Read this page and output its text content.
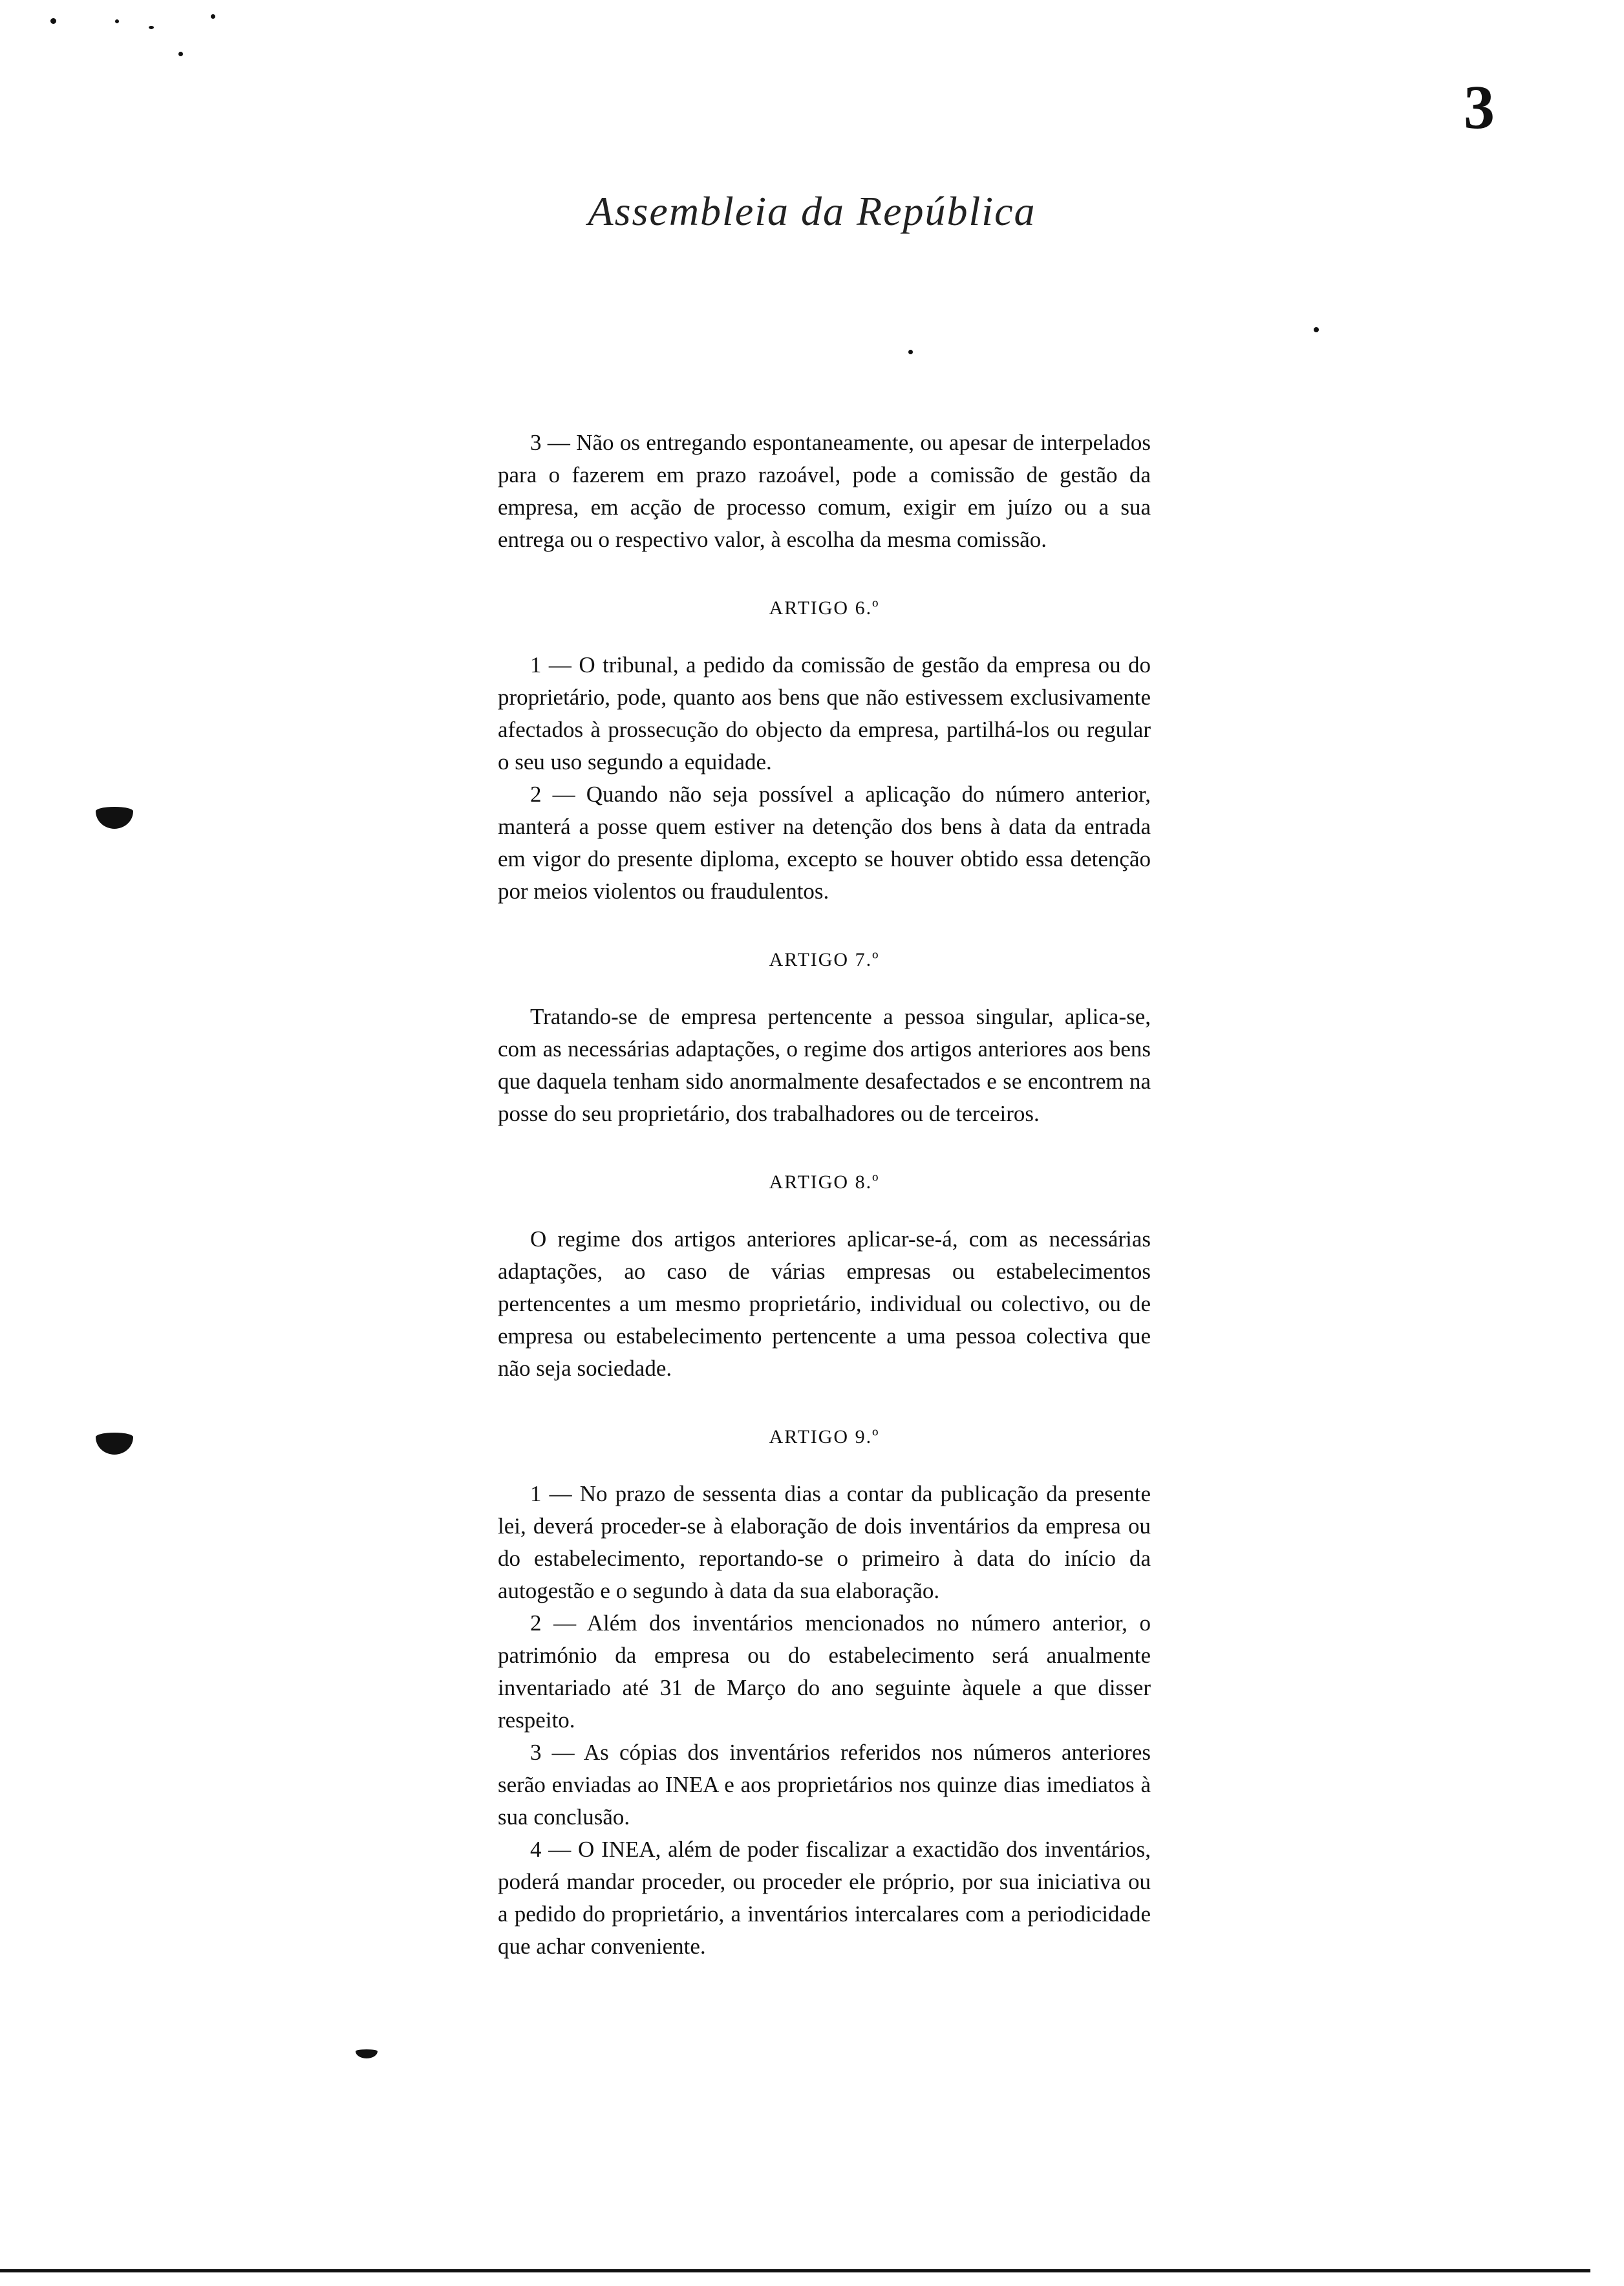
3
Assembleia da República

3 — Não os entregando espontaneamente, ou apesar de interpelados para o fazerem em prazo razoável, pode a comissão de gestão da empresa, em acção de processo comum, exigir em juízo ou a sua entrega ou o respectivo valor, à escolha da mesma comissão.

ARTIGO 6.º

1 — O tribunal, a pedido da comissão de gestão da empresa ou do proprietário, pode, quanto aos bens que não estivessem exclusivamente afectados à prossecução do objecto da empresa, partilhá-los ou regular o seu uso segundo a equidade.

2 — Quando não seja possível a aplicação do número anterior, manterá a posse quem estiver na detenção dos bens à data da entrada em vigor do presente diploma, excepto se houver obtido essa detenção por meios violentos ou fraudulentos.

ARTIGO 7.º

Tratando-se de empresa pertencente a pessoa singular, aplica-se, com as necessárias adaptações, o regime dos artigos anteriores aos bens que daquela tenham sido anormalmente desafectados e se encontrem na posse do seu proprietário, dos trabalhadores ou de terceiros.

ARTIGO 8.º

O regime dos artigos anteriores aplicar-se-á, com as necessárias adaptações, ao caso de várias empresas ou estabelecimentos pertencentes a um mesmo proprietário, individual ou colectivo, ou de empresa ou estabelecimento pertencente a uma pessoa colectiva que não seja sociedade.

ARTIGO 9.º

1 — No prazo de sessenta dias a contar da publicação da presente lei, deverá proceder-se à elaboração de dois inventários da empresa ou do estabelecimento, reportando-se o primeiro à data do início da autogestão e o segundo à data da sua elaboração.

2 — Além dos inventários mencionados no número anterior, o património da empresa ou do estabelecimento será anualmente inventariado até 31 de Março do ano seguinte àquele a que disser respeito.

3 — As cópias dos inventários referidos nos números anteriores serão enviadas ao INEA e aos proprietários nos quinze dias imediatos à sua conclusão.

4 — O INEA, além de poder fiscalizar a exactidão dos inventários, poderá mandar proceder, ou proceder ele próprio, por sua iniciativa ou a pedido do proprietário, a inventários intercalares com a periodicidade que achar conveniente.
